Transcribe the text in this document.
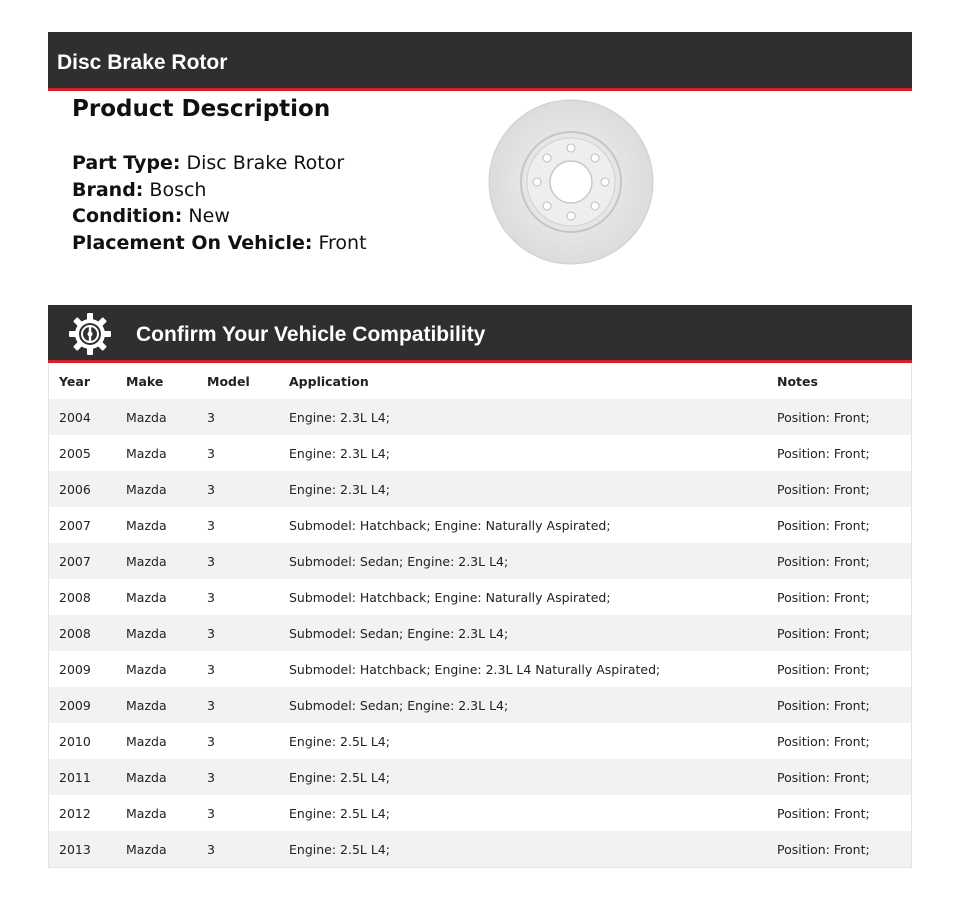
Disc Brake Rotor
Product Description
Part Type: Disc Brake Rotor
Brand: Bosch
Condition: New
Placement On Vehicle: Front
Confirm Your Vehicle Compatibility
Year	Make	Model	Application	Notes
2004	Mazda	3	Engine: 2.3L L4;	Position: Front;
2005	Mazda	3	Engine: 2.3L L4;	Position: Front;
2006	Mazda	3	Engine: 2.3L L4;	Position: Front;
2007	Mazda	3	Submodel: Hatchback; Engine: Naturally Aspirated;	Position: Front;
2007	Mazda	3	Submodel: Sedan; Engine: 2.3L L4;	Position: Front;
2008	Mazda	3	Submodel: Hatchback; Engine: Naturally Aspirated;	Position: Front;
2008	Mazda	3	Submodel: Sedan; Engine: 2.3L L4;	Position: Front;
2009	Mazda	3	Submodel: Hatchback; Engine: 2.3L L4 Naturally Aspirated;	Position: Front;
2009	Mazda	3	Submodel: Sedan; Engine: 2.3L L4;	Position: Front;
2010	Mazda	3	Engine: 2.5L L4;	Position: Front;
2011	Mazda	3	Engine: 2.5L L4;	Position: Front;
2012	Mazda	3	Engine: 2.5L L4;	Position: Front;
2013	Mazda	3	Engine: 2.5L L4;	Position: Front;
